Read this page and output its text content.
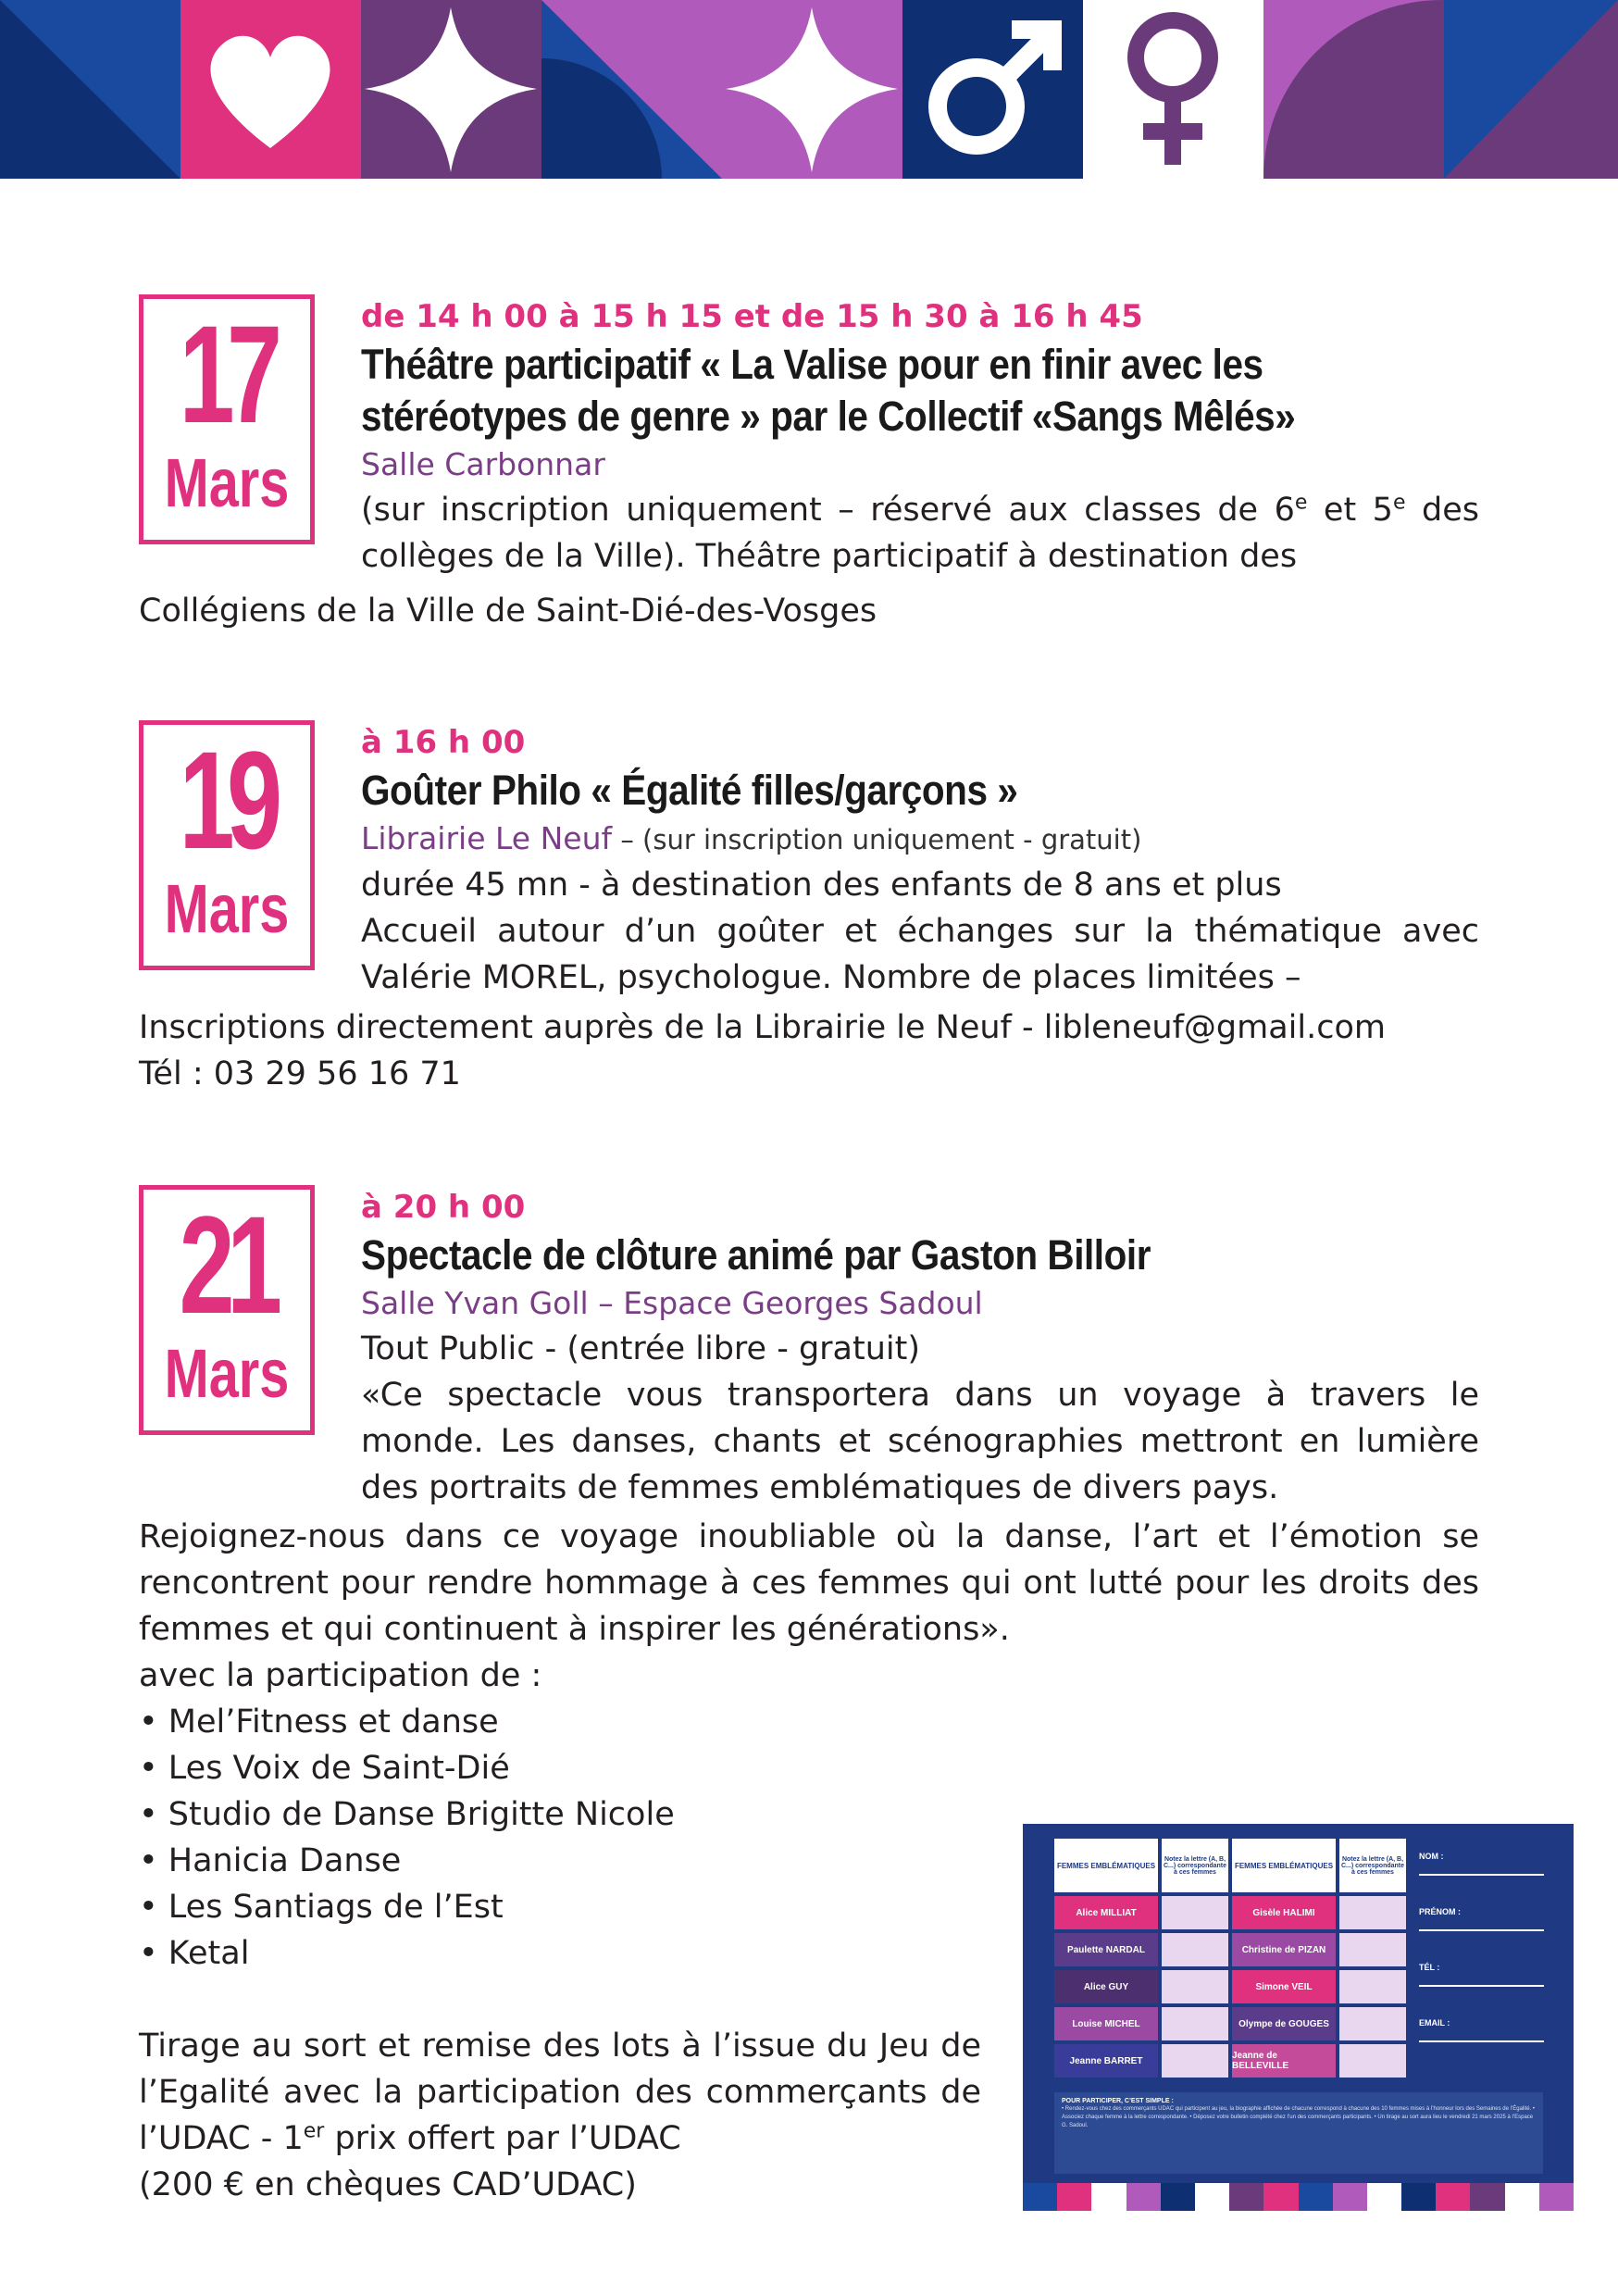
17
Mars
de 14 h 00 à 15 h 15 et de 15 h 30 à 16 h 45
Théâtre participatif « La Valise pour en finir avec les stéréotypes de genre » par le Collectif «Sangs Mêlés»
Salle Carbonnar
(sur inscription uniquement – réservé aux classes de 6e et 5e des collèges de la Ville). Théâtre participatif à destination des
Collégiens de la Ville de Saint-Dié-des-Vosges
19
Mars
à 16 h 00
Goûter Philo « Égalité filles/garçons »
Librairie Le Neuf – (sur inscription uniquement - gratuit)
durée 45 mn - à destination des enfants de 8 ans et plus
Accueil autour d’un goûter et échanges sur la thématique avec Valérie MOREL, psychologue. Nombre de places limitées –
Inscriptions directement auprès de la Librairie le Neuf - libleneuf@gmail.com
Tél : 03 29 56 16 71
21
Mars
à 20 h 00
Spectacle de clôture animé par Gaston Billoir
Salle Yvan Goll – Espace Georges Sadoul
Tout Public - (entrée libre - gratuit)
«Ce spectacle vous transportera dans un voyage à travers le monde. Les danses, chants et scénographies mettront en lumière des portraits de femmes emblématiques de divers pays.
Rejoignez-nous dans ce voyage inoubliable où la danse, l’art et l’émotion se rencontrent pour rendre hommage à ces femmes qui ont lutté pour les droits des femmes et qui continuent à inspirer les générations».
avec la participation de :
• Mel’Fitness et danse
• Les Voix de Saint-Dié
• Studio de Danse Brigitte Nicole
• Hanicia Danse
• Les Santiags de l’Est
• Ketal
Tirage au sort et remise des lots à l’issue du Jeu de l’Egalité avec la participation des commerçants de l’UDAC - 1er prix offert par l’UDAC
(200 € en chèques CAD’UDAC)
FEMMES EMBLÉMATIQUES
Notez la lettre (A, B, C...) correspondante à ces femmes
FEMMES EMBLÉMATIQUES
Notez la lettre (A, B, C...) correspondante à ces femmes
Alice MILLIAT	Gisèle HALIMI
Paulette NARDAL	Christine de PIZAN
Alice GUY	Simone VEIL
Louise MICHEL	Olympe de GOUGES
Jeanne BARRET	Jeanne de BELLEVILLE
NOM :
PRÉNOM :
TÉL :
EMAIL :
POUR PARTICIPER, C’EST SIMPLE :
• Rendez-vous chez des commerçants UDAC qui participent au jeu, la biographie affichée de chacune correspond à chacune des 10 femmes mises à l’honneur lors des Semaines de l’Égalité. • Associez chaque femme à la lettre correspondante. • Déposez votre bulletin complété chez l’un des commerçants participants. • Un tirage au sort aura lieu le vendredi 21 mars 2025 à l’Espace G. Sadoul.
